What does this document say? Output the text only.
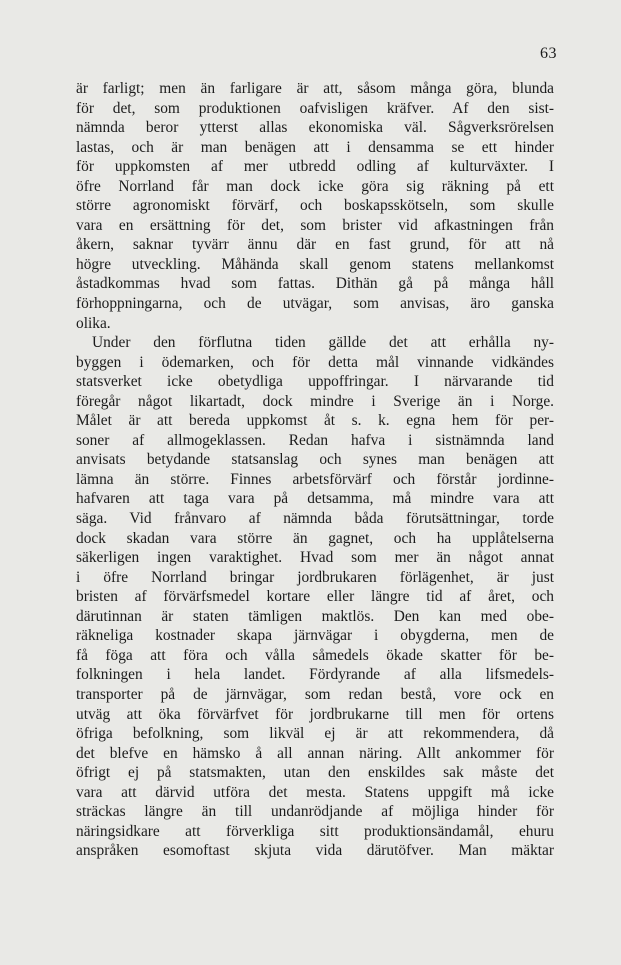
63
är farligt; men än farligare är att, såsom många göra, blunda
för det, som produktionen oafvisligen kräfver. Af den sist-
nämnda beror ytterst allas ekonomiska väl. Sågverksrörelsen
lastas, och är man benägen att i densamma se ett hinder
för uppkomsten af mer utbredd odling af kulturväxter. I
öfre Norrland får man dock icke göra sig räkning på ett
större agronomiskt förvärf, och boskapsskötseln, som skulle
vara en ersättning för det, som brister vid afkastningen från
åkern, saknar tyvärr ännu där en fast grund, för att nå
högre utveckling. Måhända skall genom statens mellankomst
åstadkommas hvad som fattas. Dithän gå på många håll
förhoppningarna, och de utvägar, som anvisas, äro ganska
olika.
Under den förflutna tiden gällde det att erhålla ny-
byggen i ödemarken, och för detta mål vinnande vidkändes
statsverket icke obetydliga uppoffringar. I närvarande tid
föregår något likartadt, dock mindre i Sverige än i Norge.
Målet är att bereda uppkomst åt s. k. egna hem för per-
soner af allmogeklassen. Redan hafva i sistnämnda land
anvisats betydande statsanslag och synes man benägen att
lämna än större. Finnes arbetsförvärf och förstår jordinne-
hafvaren att taga vara på detsamma, må mindre vara att
säga. Vid frånvaro af nämnda båda förutsättningar, torde
dock skadan vara större än gagnet, och ha upplåtelserna
säkerligen ingen varaktighet. Hvad som mer än något annat
i öfre Norrland bringar jordbrukaren förlägenhet, är just
bristen af förvärfsmedel kortare eller längre tid af året, och
därutinnan är staten tämligen maktlös. Den kan med obe-
räkneliga kostnader skapa järnvägar i obygderna, men de
få föga att föra och vålla såmedels ökade skatter för be-
folkningen i hela landet. Fördyrande af alla lifsmedels-
transporter på de järnvägar, som redan bestå, vore ock en
utväg att öka förvärfvet för jordbrukarne till men för ortens
öfriga befolkning, som likväl ej är att rekommendera, då
det blefve en hämsko å all annan näring. Allt ankommer för
öfrigt ej på statsmakten, utan den enskildes sak måste det
vara att därvid utföra det mesta. Statens uppgift må icke
sträckas längre än till undanrödjande af möjliga hinder för
näringsidkare att förverkliga sitt produktionsändamål, ehuru
anspråken esomoftast skjuta vida därutöfver. Man mäktar
